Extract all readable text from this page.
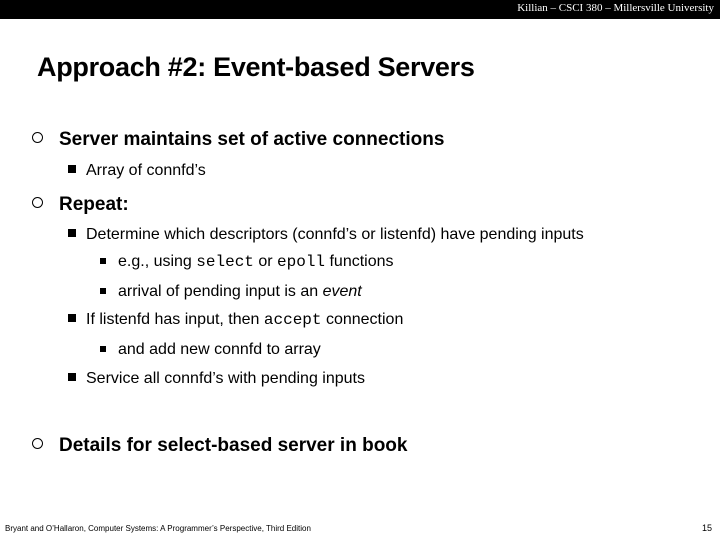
Killian – CSCI 380 – Millersville University
Approach #2: Event-based Servers
Server maintains set of active connections
Array of connfd’s
Repeat:
Determine which descriptors (connfd’s or listenfd) have pending inputs
e.g., using select or epoll functions
arrival of pending input is an event
If listenfd has input, then accept connection
and add new connfd to array
Service all connfd’s with pending inputs
Details for select-based server in book
Bryant and O’Hallaron, Computer Systems: A Programmer’s Perspective, Third Edition	15
